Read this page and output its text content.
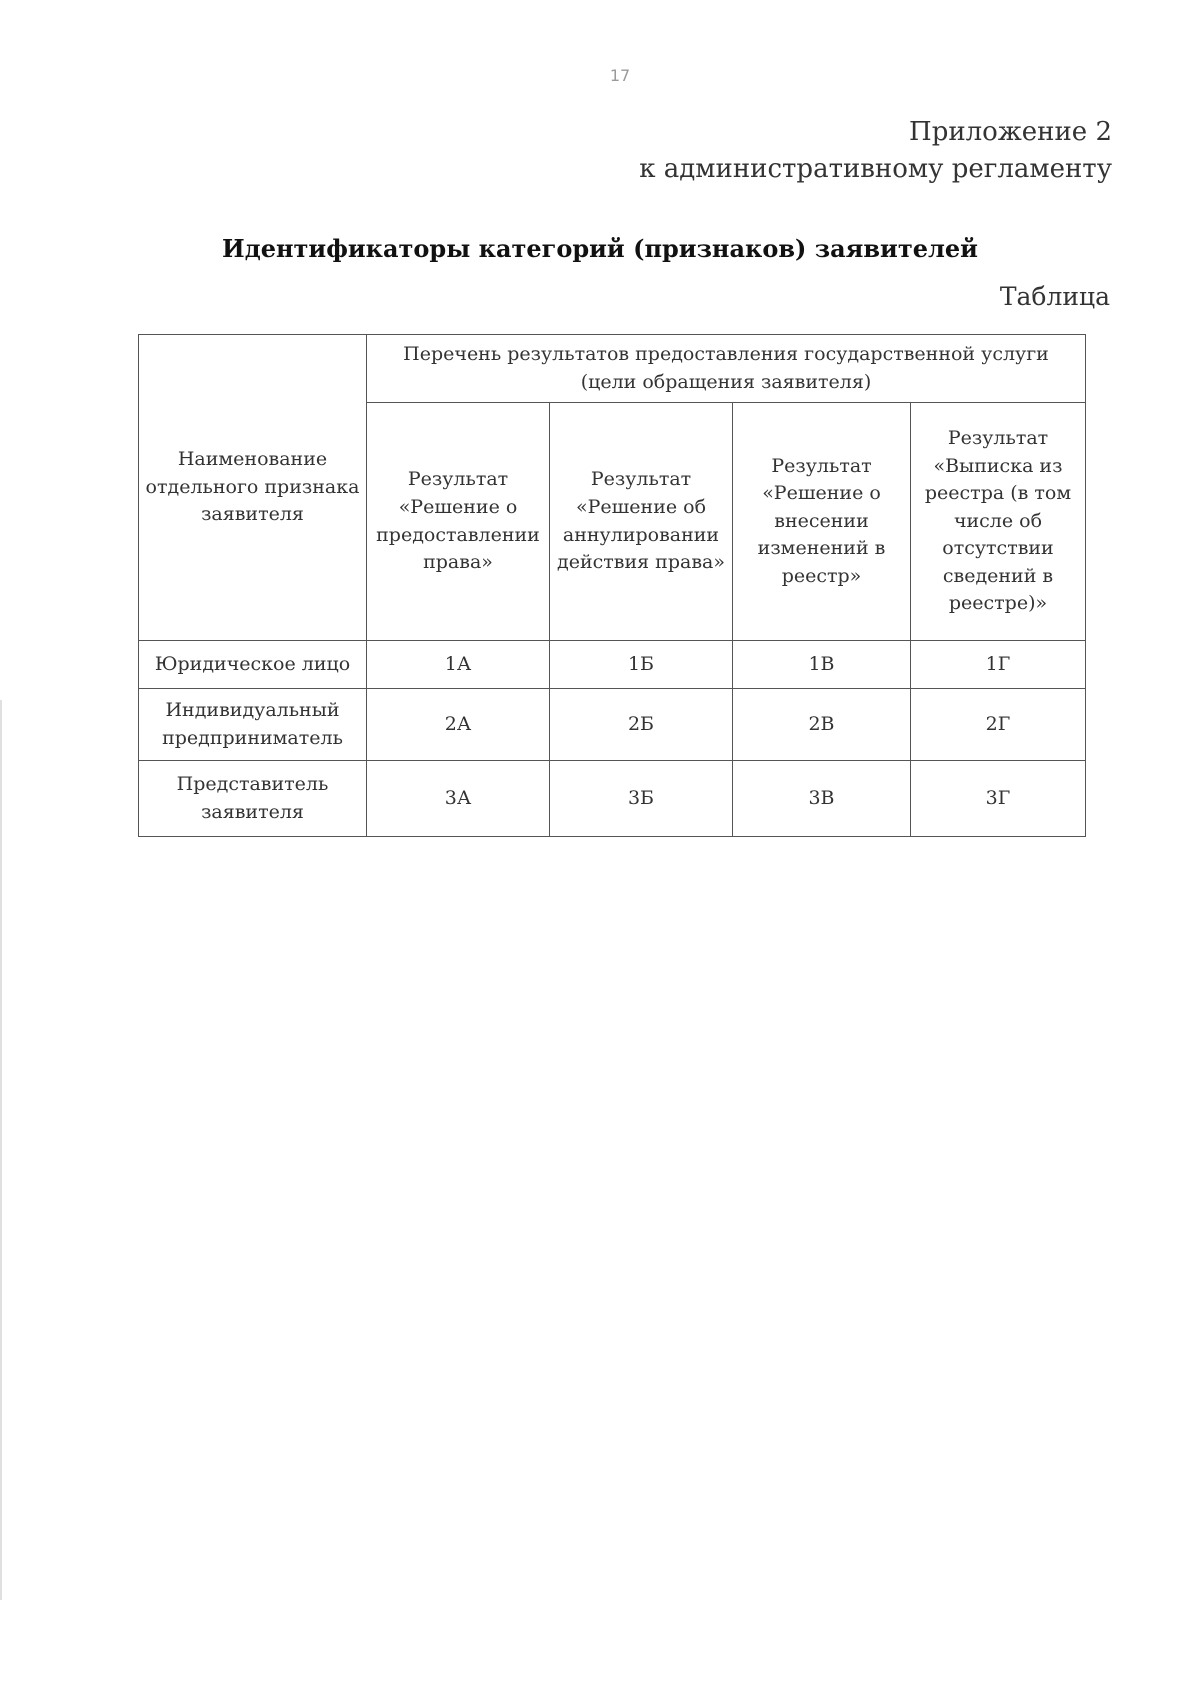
17
Приложение 2
к административному регламенту
Идентификаторы категорий (признаков) заявителей
Таблица
Наименование отдельного признака заявителя	Перечень результатов предоставления государственной услуги (цели обращения заявителя)			
	Результат «Решение о предоставлении права»	Результат «Решение об аннулировании действия права»	Результат «Решение о внесении изменений в реестр»	Результат «Выписка из реестра (в том числе об отсутствии сведений в реестре)»
Юридическое лицо	1А	1Б	1В	1Г
Индивидуальный предприниматель	2А	2Б	2В	2Г
Представитель заявителя	3А	3Б	3В	3Г
